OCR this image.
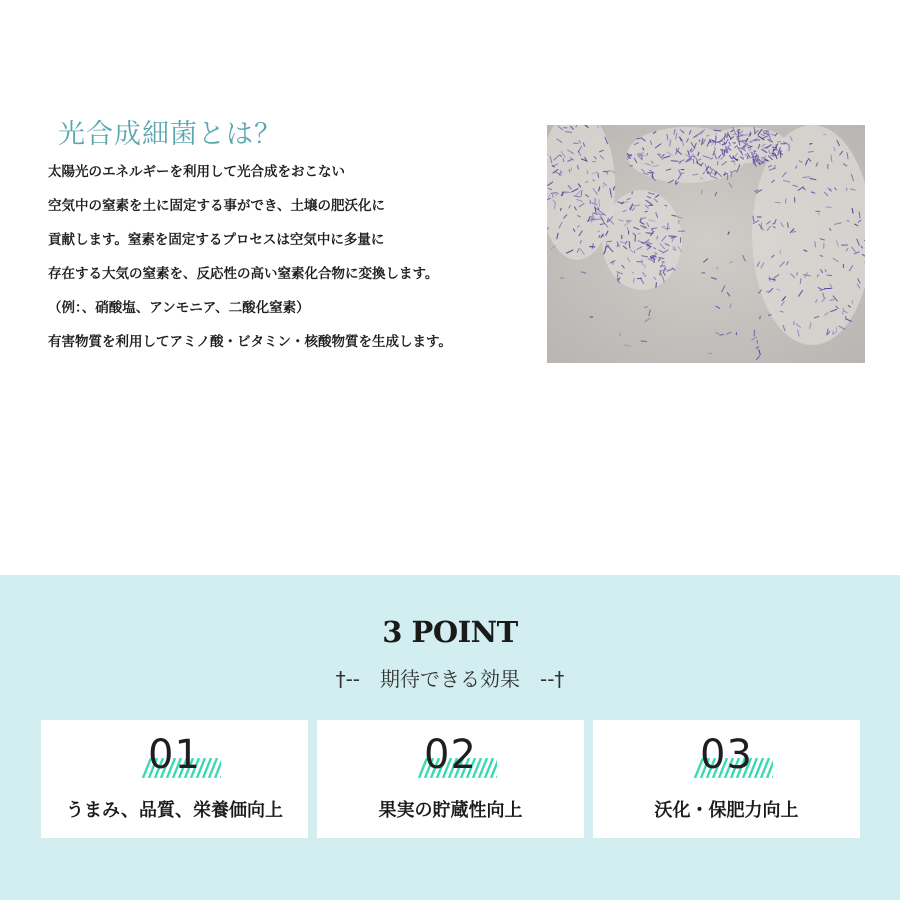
光合成細菌とは？
太陽光のエネルギーを利用して光合成をおこない
空気中の窒素を土に固定する事ができ、土壌の肥沃化に
貢献します。窒素を固定するプロセスは空気中に多量に
存在する大気の窒素を、反応性の高い窒素化合物に変換します。
（例：、硝酸塩、アンモニア、二酸化窒素）
有害物質を利用してアミノ酸・ビタミン・核酸物質を生成します。
3 POINT
†--　期待できる効果　--†
01
うまみ、品質、栄養価向上
02
果実の貯蔵性向上
03
沃化・保肥力向上
